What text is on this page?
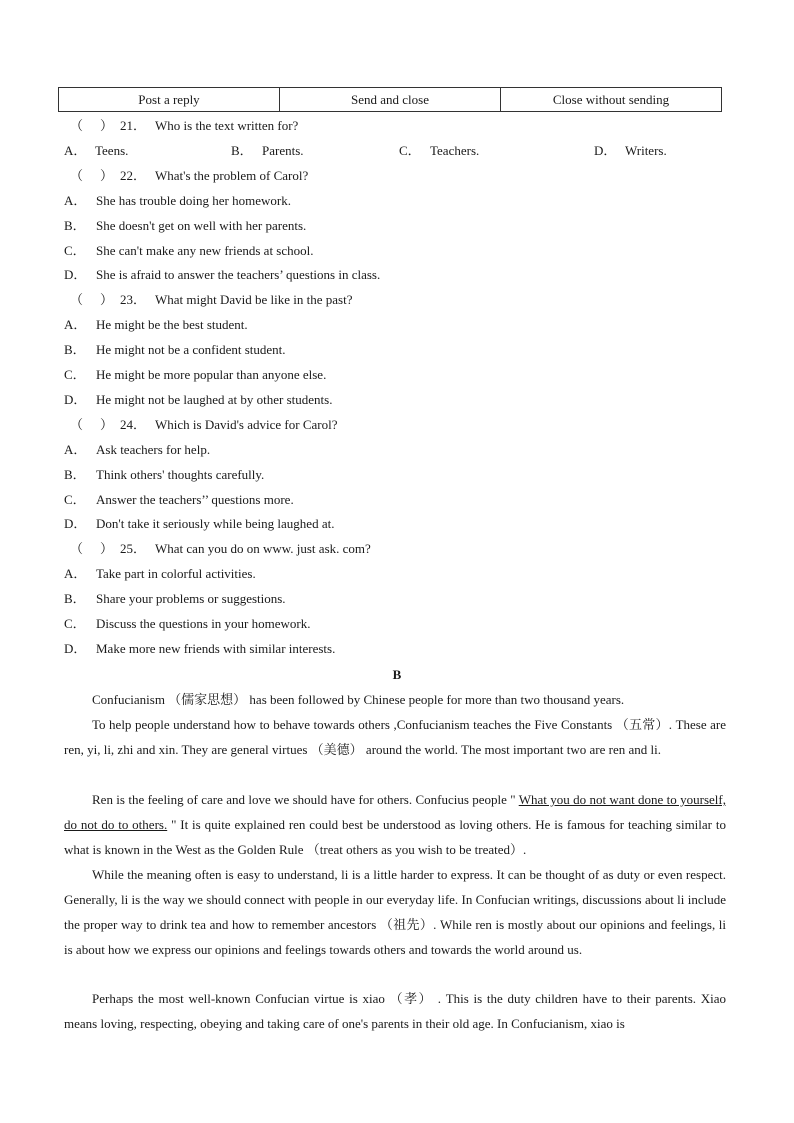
Post a reply	Send and close	Close without sending
（ ） 21． Who is the text written for?
A． Teens.	B． Parents.	C． Teachers.	D． Writers.
（ ） 22． What's the problem of Carol?
A． She has trouble doing her homework.
B． She doesn't get on well with her parents.
C． She can't make any new friends at school.
D． She is afraid to answer the teachers’ questions in class.
（ ） 23． What might David be like in the past?
A． He might be the best student.
B． He might not be a confident student.
C． He might be more popular than anyone else.
D． He might not be laughed at by other students.
（ ） 24． Which is David's advice for Carol?
A． Ask teachers for help.
B． Think others' thoughts carefully.
C． Answer the teachers’’ questions more.
D． Don't take it seriously while being laughed at.
（ ） 25． What can you do on www. just ask. com?
A． Take part in colorful activities.
B． Share your problems or suggestions.
C． Discuss the questions in your homework.
D． Make more new friends with similar interests.
B
Confucianism （儒家思想） has been followed by Chinese people for more than two thousand years.
To help people understand how to behave towards others ,Confucianism teaches the Five Constants （五常）. These are ren, yi, li, zhi and xin. They are general virtues （美德） around the world. The most important two are ren and li.
Ren is the feeling of care and love we should have for others. Confucius people " What you do not want done to yourself, do not do to others. " It is quite explained ren could best be understood as loving others. He is famous for teaching similar to what is known in the West as the Golden Rule （treat others as you wish to be treated）.
While the meaning often is easy to understand, li is a little harder to express. It can be thought of as duty or even respect. Generally, li is the way we should connect with people in our everyday life. In Confucian writings, discussions about li include the proper way to drink tea and how to remember ancestors （祖先）. While ren is mostly about our opinions and feelings, li is about how we express our opinions and feelings towards others and towards the world around us.
Perhaps the most well-known Confucian virtue is xiao （孝） . This is the duty children have to their parents. Xiao means loving, respecting, obeying and taking care of one's parents in their old age. In Confucianism, xiao is
